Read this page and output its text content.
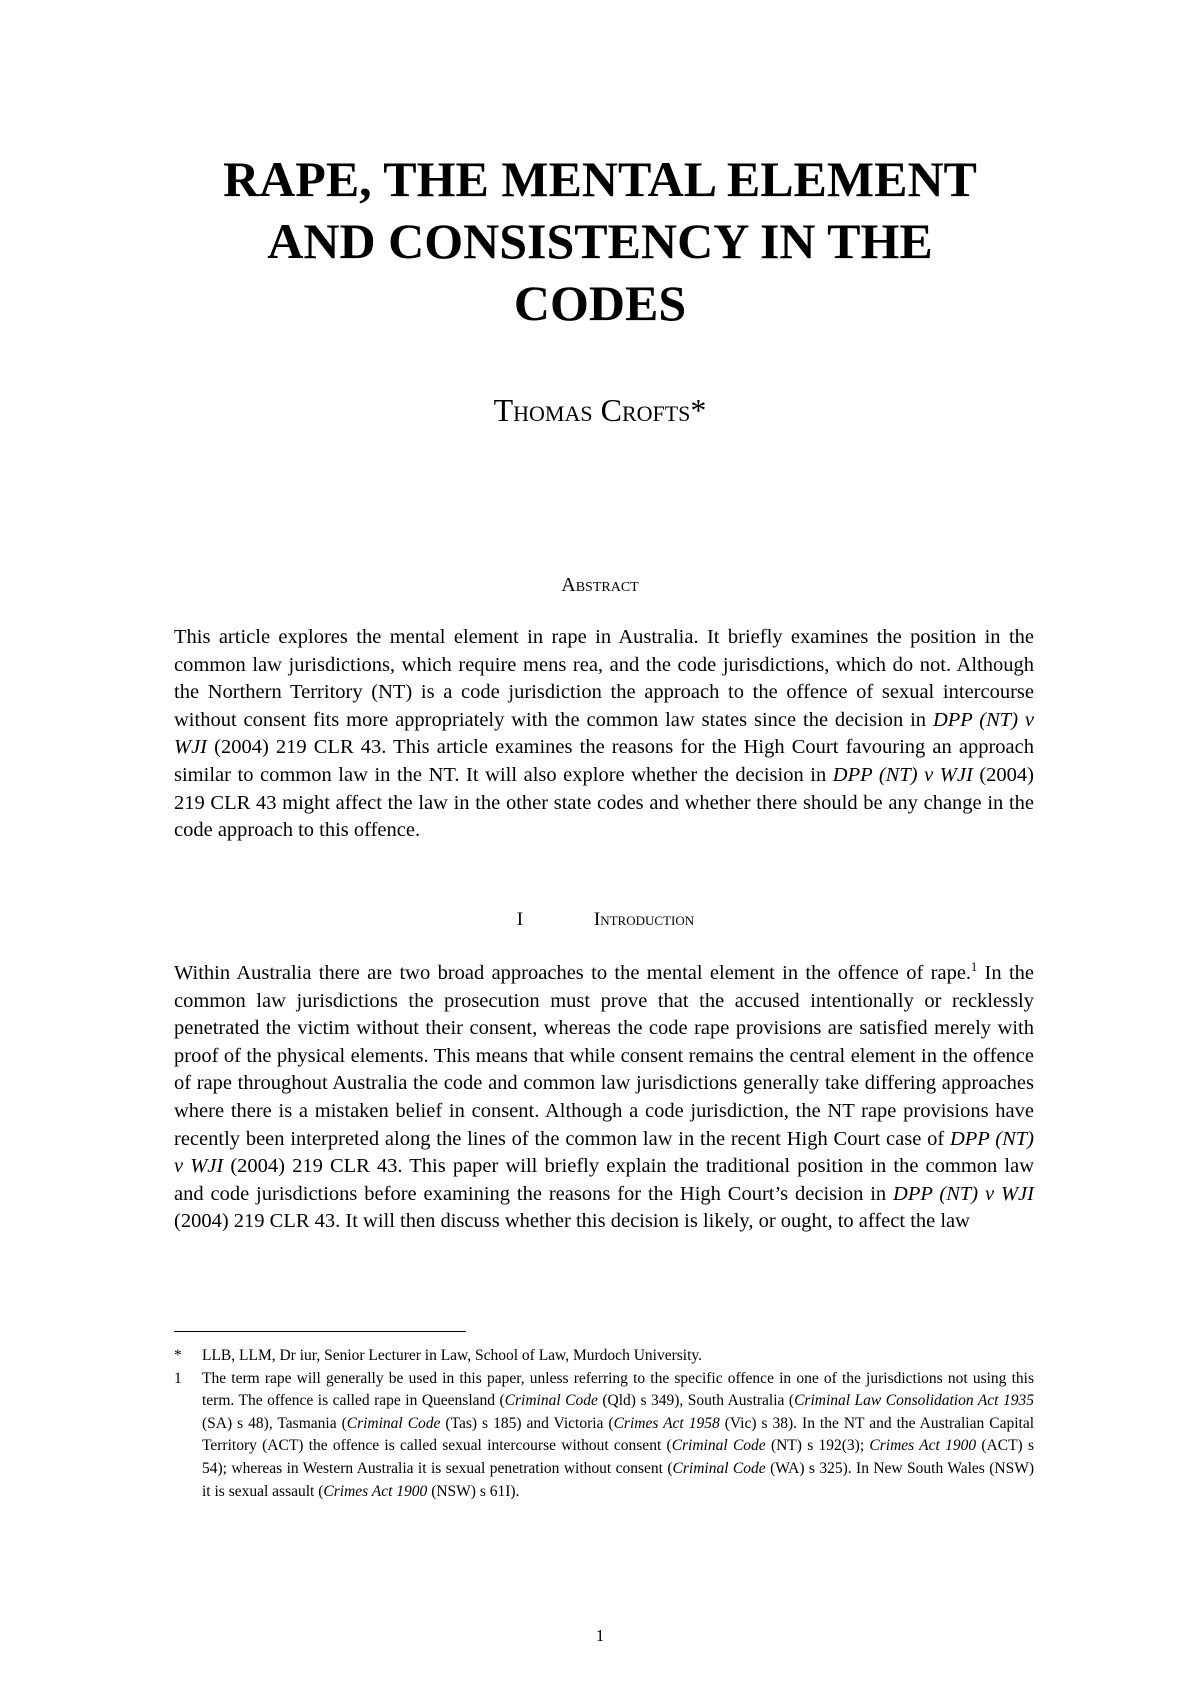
RAPE, THE MENTAL ELEMENT
AND CONSISTENCY IN THE
CODES
Thomas Crofts*
Abstract

This article explores the mental element in rape in Australia. It briefly examines the position in the common law jurisdictions, which require mens rea, and the code jurisdictions, which do not. Although the Northern Territory (NT) is a code jurisdiction the approach to the offence of sexual intercourse without consent fits more appropriately with the common law states since the decision in DPP (NT) v WJI (2004) 219 CLR 43. This article examines the reasons for the High Court favouring an approach similar to common law in the NT. It will also explore whether the decision in DPP (NT) v WJI (2004) 219 CLR 43 might affect the law in the other state codes and whether there should be any change in the code approach to this offence.

I	Introduction

Within Australia there are two broad approaches to the mental element in the offence of rape.$^1$ In the common law jurisdictions the prosecution must prove that the accused intentionally or recklessly penetrated the victim without their consent, whereas the code rape provisions are satisfied merely with proof of the physical elements. This means that while consent remains the central element in the offence of rape throughout Australia the code and common law jurisdictions generally take differing approaches where there is a mistaken belief in consent. Although a code jurisdiction, the NT rape provisions have recently been interpreted along the lines of the common law in the recent High Court case of DPP (NT) v WJI (2004) 219 CLR 43. This paper will briefly explain the traditional position in the common law and code jurisdictions before examining the reasons for the High Court’s decision in DPP (NT) v WJI (2004) 219 CLR 43. It will then discuss whether this decision is likely, or ought, to affect the law

* LLB, LLM, Dr iur, Senior Lecturer in Law, School of Law, Murdoch University.
1 The term rape will generally be used in this paper, unless referring to the specific offence in one of the jurisdictions not using this term. The offence is called rape in Queensland (Criminal Code (Qld) s 349), South Australia (Criminal Law Consolidation Act 1935 (SA) s 48), Tasmania (Criminal Code (Tas) s 185) and Victoria (Crimes Act 1958 (Vic) s 38). In the NT and the Australian Capital Territory (ACT) the offence is called sexual intercourse without consent (Criminal Code (NT) s 192(3); Crimes Act 1900 (ACT) s 54); whereas in Western Australia it is sexual penetration without consent (Criminal Code (WA) s 325). In New South Wales (NSW) it is sexual assault (Crimes Act 1900 (NSW) s 61I).
1
